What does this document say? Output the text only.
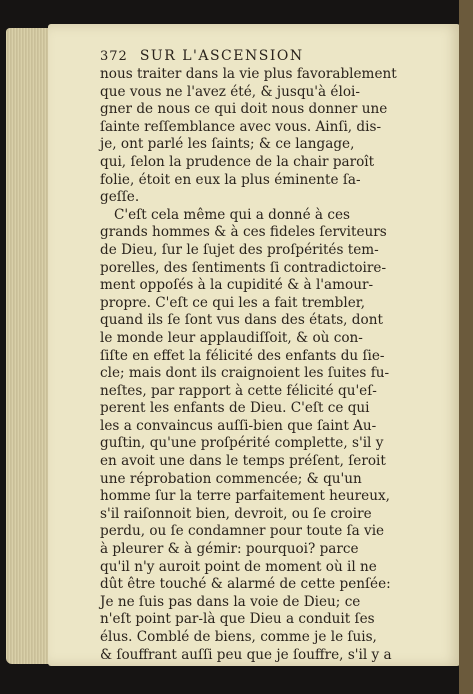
372 SUR L'ASCENSION
nous traiter dans la vie plus favorablement
que vous ne l'avez été, & jusqu'à éloi-
gner de nous ce qui doit nous donner une
ſainte reſſemblance avec vous. Ainſi, dis-
je, ont parlé les ſaints; & ce langage,
qui, ſelon la prudence de la chair paroît
folie, étoit en eux la plus éminente ſa-
geſſe.
C'eſt cela même qui a donné à ces
grands hommes & à ces fideles ſerviteurs
de Dieu, ſur le ſujet des proſpérités tem-
porelles, des ſentiments ſi contradictoire-
ment oppoſés à la cupidité & à l'amour-
propre. C'eſt ce qui les a fait trembler,
quand ils ſe ſont vus dans des états, dont
le monde leur applaudiſſoit, & où con-
ſiſte en effet la félicité des enfants du ſie-
cle; mais dont ils craignoient les ſuites fu-
neſtes, par rapport à cette félicité qu'eſ-
perent les enfants de Dieu. C'eſt ce qui
les a convaincus auſſi-bien que ſaint Au-
guſtin, qu'une proſpérité complette, s'il y
en avoit une dans le temps préſent, ſeroit
une réprobation commencée; & qu'un
homme ſur la terre parfaitement heureux,
s'il raiſonnoit bien, devroit, ou ſe croire
perdu, ou ſe condamner pour toute ſa vie
à pleurer & à gémir: pourquoi? parce
qu'il n'y auroit point de moment où il ne
dût être touché & alarmé de cette penſée:
Je ne ſuis pas dans la voie de Dieu; ce
n'eſt point par-là que Dieu a conduit ſes
élus. Comblé de biens, comme je le ſuis,
& ſouffrant auſſi peu que je ſouffre, s'il y a
